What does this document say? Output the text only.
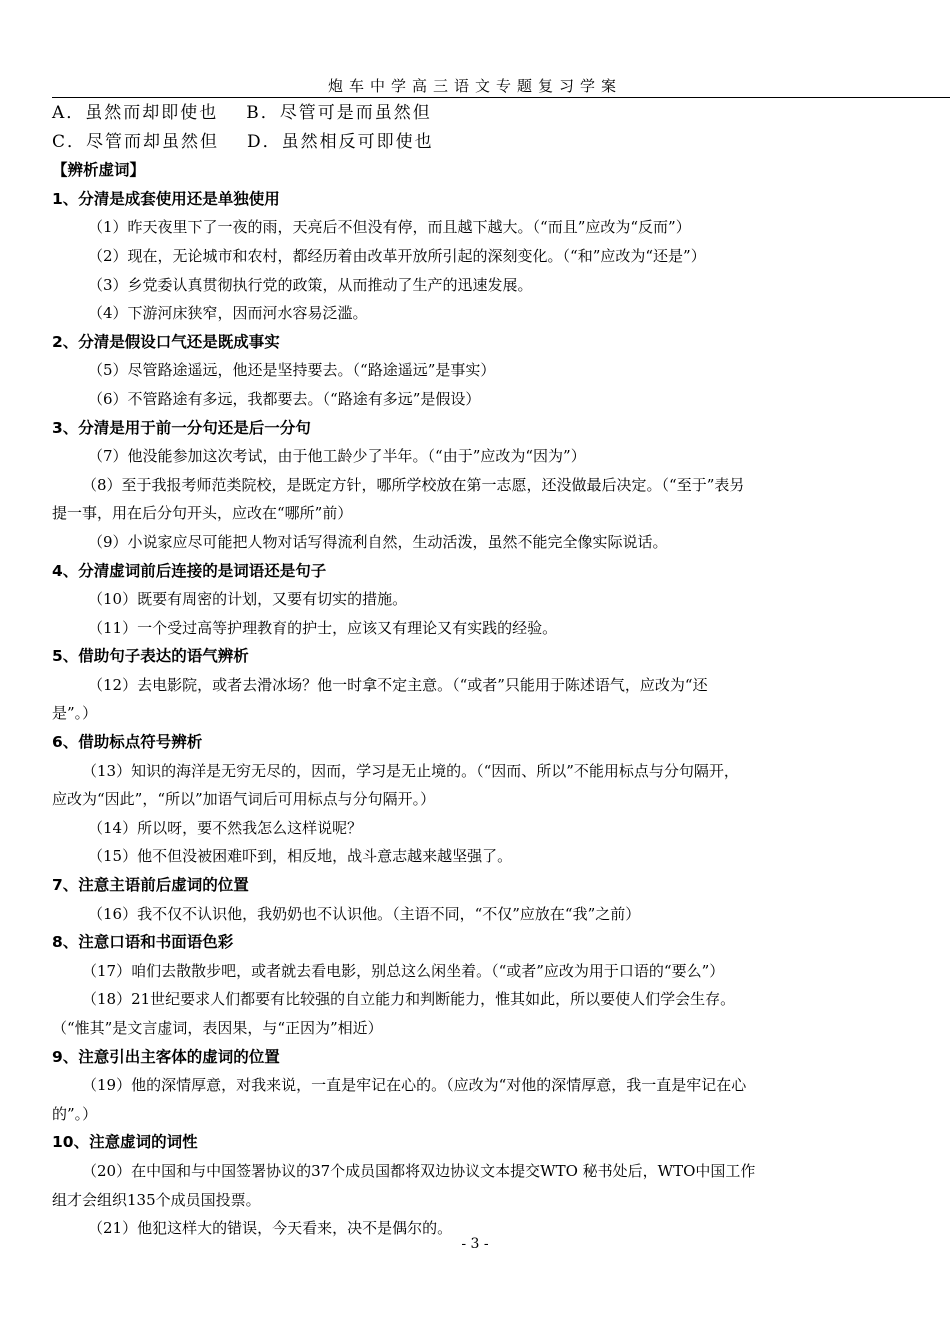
炮车中学高三语文专题复习学案
A．虽然而却即使也 B．尽管可是而虽然但
C．尽管而却虽然但 D．虽然相反可即使也
【辨析虚词】
1、分清是成套使用还是单独使用
（1）昨天夜里下了一夜的雨，天亮后不但没有停，而且越下越大。（“而且”应改为“反而”）
（2）现在，无论城市和农村，都经历着由改革开放所引起的深刻变化。（“和”应改为“还是”）
（3）乡党委认真贯彻执行党的政策，从而推动了生产的迅速发展。
（4）下游河床狭窄，因而河水容易泛滥。
2、分清是假设口气还是既成事实
（5）尽管路途遥远，他还是坚持要去。（“路途遥远”是事实）
（6）不管路途有多远，我都要去。（“路途有多远”是假设）
3、分清是用于前一分句还是后一分句
（7）他没能参加这次考试，由于他工龄少了半年。（“由于”应改为“因为”）
（8）至于我报考师范类院校，是既定方针，哪所学校放在第一志愿，还没做最后决定。（“至于”表另
提一事，用在后分句开头，应改在“哪所”前）
（9）小说家应尽可能把人物对话写得流利自然，生动活泼，虽然不能完全像实际说话。
4、分清虚词前后连接的是词语还是句子
（10）既要有周密的计划，又要有切实的措施。
（11）一个受过高等护理教育的护士，应该又有理论又有实践的经验。
5、借助句子表达的语气辨析
（12）去电影院，或者去滑冰场？他一时拿不定主意。（“或者”只能用于陈述语气，应改为“还
是”。）
6、借助标点符号辨析
（13）知识的海洋是无穷无尽的，因而，学习是无止境的。（“因而、所以”不能用标点与分句隔开，
应改为“因此”，“所以”加语气词后可用标点与分句隔开。）
（14）所以呀，要不然我怎么这样说呢？
（15）他不但没被困难吓到，相反地，战斗意志越来越坚强了。
7、注意主语前后虚词的位置
（16）我不仅不认识他，我奶奶也不认识他。（主语不同，“不仅”应放在“我”之前）
8、注意口语和书面语色彩
（17）咱们去散散步吧，或者就去看电影，别总这么闲坐着。（“或者”应改为用于口语的“要么”）
（18）21世纪要求人们都要有比较强的自立能力和判断能力，惟其如此，所以要使人们学会生存。
（“惟其”是文言虚词，表因果，与“正因为”相近）
9、注意引出主客体的虚词的位置
（19）他的深情厚意，对我来说，一直是牢记在心的。（应改为“对他的深情厚意，我一直是牢记在心
的”。）
10、注意虚词的词性
（20）在中国和与中国签署协议的37个成员国都将双边协议文本提交WTO 秘书处后，WTO中国工作
组才会组织135个成员国投票。
（21）他犯这样大的错误，今天看来，决不是偶尔的。
- 3 -
